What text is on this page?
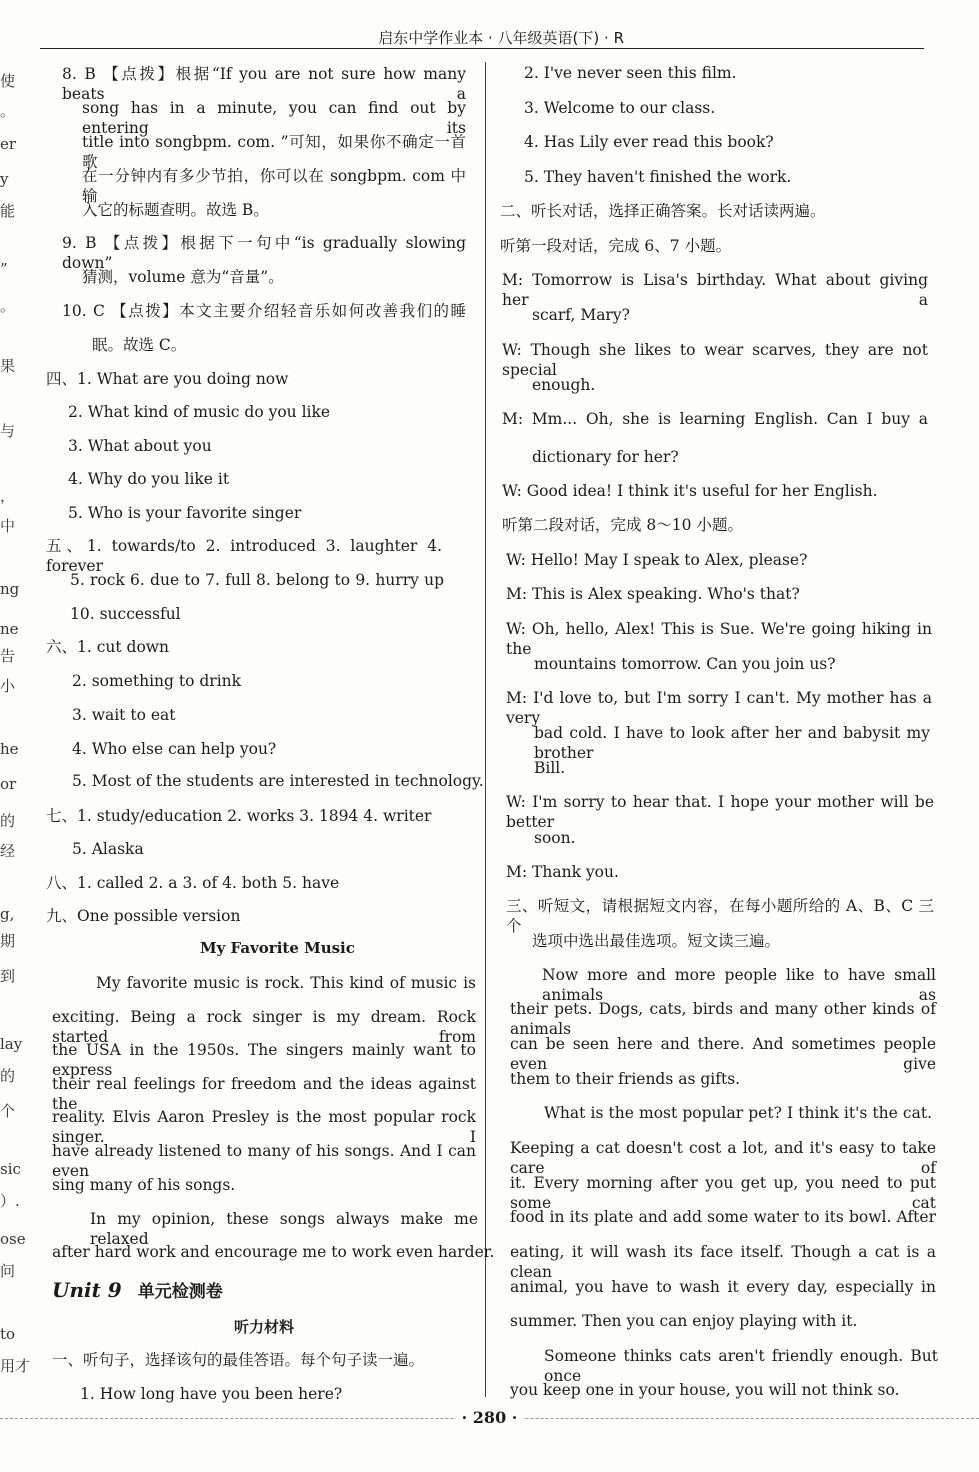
使
。
er
y
能
”
。
果
与
，
中
ng
ne
告
小
he
or
的
经
g,
期
到
lay
的
个
sic
）.
ose
问
to
用才
启东中学作业本 · 八年级英语(下) · R
8. B 【点拨】根据“If you are not sure how many beats a
song has in a minute, you can find out by entering its
title into songbpm. com. ”可知，如果你不确定一首歌
在一分钟内有多少节拍，你可以在 songbpm. com 中输
入它的标题查明。故选 B。
9. B 【点拨】根据下一句中“is gradually slowing down”
猜测，volume 意为“音量”。
10. C 【点拨】本文主要介绍轻音乐如何改善我们的睡
眠。故选 C。
四、1. What are you doing now
2. What kind of music do you like
3. What about you
4. Why do you like it
5. Who is your favorite singer
五、1. towards/to 2. introduced 3. laughter 4. forever
5. rock 6. due to 7. full 8. belong to 9. hurry up
10. successful
六、1. cut down
2. something to drink
3. wait to eat
4. Who else can help you?
5. Most of the students are interested in technology.
七、1. study/education 2. works 3. 1894 4. writer
5. Alaska
八、1. called 2. a 3. of 4. both 5. have
九、One possible version
My Favorite Music
My favorite music is rock. This kind of music is
exciting. Being a rock singer is my dream. Rock started from
the USA in the 1950s. The singers mainly want to express
their real feelings for freedom and the ideas against the
reality. Elvis Aaron Presley is the most popular rock singer. I
have already listened to many of his songs. And I can even
sing many of his songs.
In my opinion, these songs always make me relaxed
after hard work and encourage me to work even harder.
Unit 9 单元检测卷
听力材料
一、听句子，选择该句的最佳答语。每个句子读一遍。
1. How long have you been here?
2. I've never seen this film.
3. Welcome to our class.
4. Has Lily ever read this book?
5. They haven't finished the work.
二、听长对话，选择正确答案。长对话读两遍。
听第一段对话，完成 6、7 小题。
M: Tomorrow is Lisa's birthday. What about giving her a
scarf, Mary?
W: Though she likes to wear scarves, they are not special
enough.
M: Mm... Oh, she is learning English. Can I buy a
dictionary for her?
W: Good idea! I think it's useful for her English.
听第二段对话，完成 8～10 小题。
W: Hello! May I speak to Alex, please?
M: This is Alex speaking. Who's that?
W: Oh, hello, Alex! This is Sue. We're going hiking in the
mountains tomorrow. Can you join us?
M: I'd love to, but I'm sorry I can't. My mother has a very
bad cold. I have to look after her and babysit my brother
Bill.
W: I'm sorry to hear that. I hope your mother will be better
soon.
M: Thank you.
三、听短文，请根据短文内容，在每小题所给的 A、B、C 三个
选项中选出最佳选项。短文读三遍。
Now more and more people like to have small animals as
their pets. Dogs, cats, birds and many other kinds of animals
can be seen here and there. And sometimes people even give
them to their friends as gifts.
What is the most popular pet? I think it's the cat.
Keeping a cat doesn't cost a lot, and it's easy to take care of
it. Every morning after you get up, you need to put some cat
food in its plate and add some water to its bowl. After
eating, it will wash its face itself. Though a cat is a clean
animal, you have to wash it every day, especially in
summer. Then you can enjoy playing with it.
Someone thinks cats aren't friendly enough. But once
you keep one in your house, you will not think so.
· 280 ·
